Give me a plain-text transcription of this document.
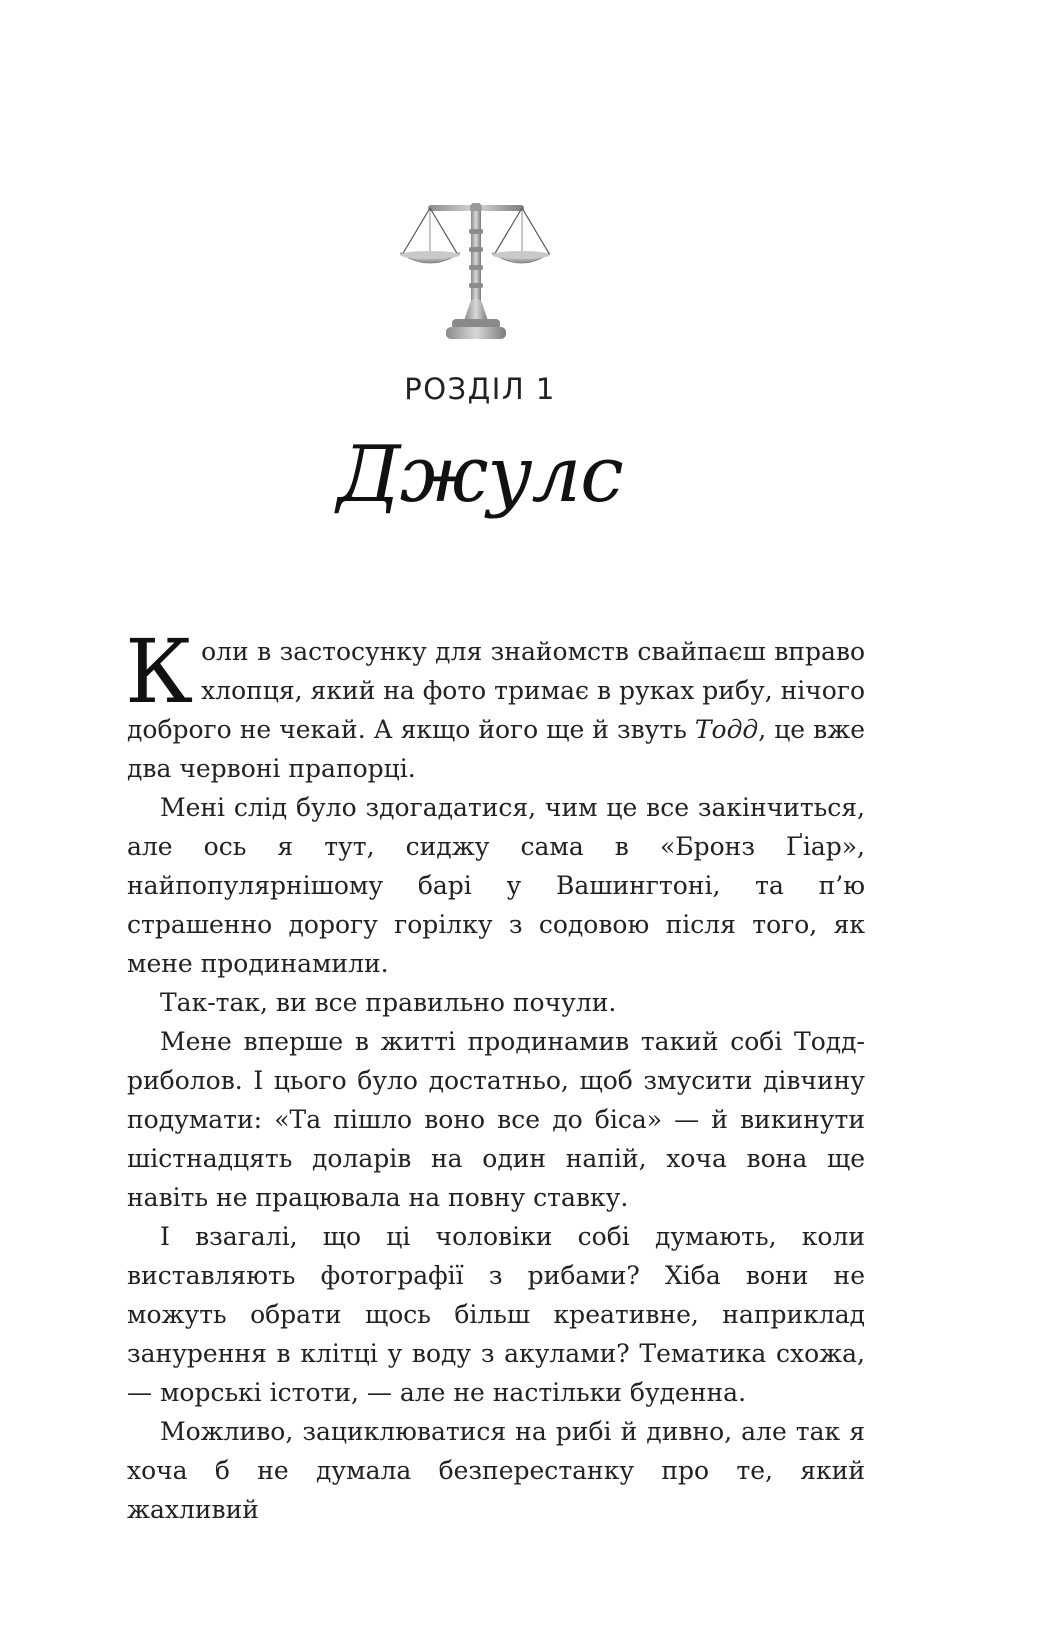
РОЗДІЛ 1
Джулс

Коли в застосунку для знайомств свайпаєш вправо хлопця, який на фото тримає в руках рибу, нічого доброго не чекай. А якщо його ще й звуть Тодд, це вже два червоні прапорці.

Мені слід було здогадатися, чим це все закінчиться, але ось я тут, сиджу сама в «Бронз Ґіар», найпопулярнішому барі у Вашингтоні, та п’ю страшенно дорогу горілку з содовою після того, як мене продинамили.

Так-так, ви все правильно почули.

Мене вперше в житті продинамив такий собі Тодд-риболов. І цього було достатньо, щоб змусити дівчину подумати: «Та пішло воно все до біса» — й викинути шістнадцять доларів на один напій, хоча вона ще навіть не працювала на повну ставку.

І взагалі, що ці чоловіки собі думають, коли виставляють фотографії з рибами? Хіба вони не можуть обрати щось більш креативне, наприклад занурення в клітці у воду з акулами? Тематика схожа, — морські істоти, — але не настільки буденна.

Можливо, зациклюватися на рибі й дивно, але так я хоча б не думала безперестанку про те, який жахливий
